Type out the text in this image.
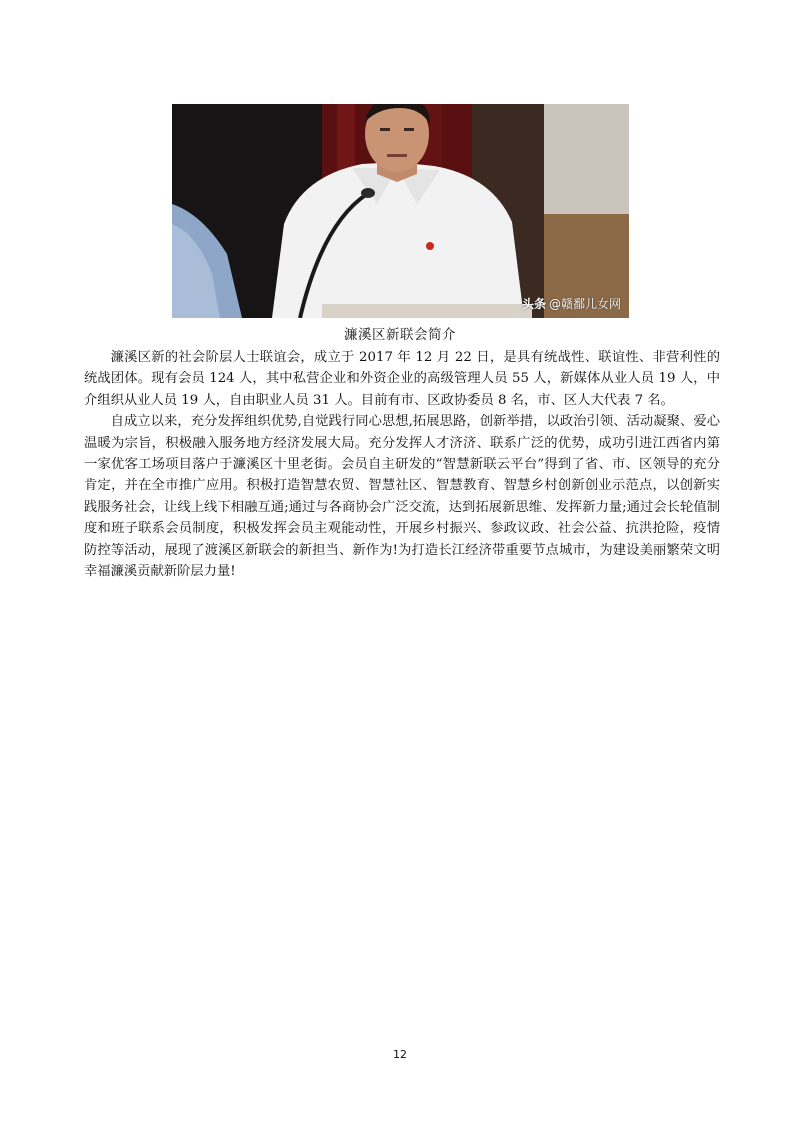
头条 @赣鄱儿女网
濂溪区新联会简介

濂溪区新的社会阶层人士联谊会，成立于 2017 年 12 月 22 日，是具有统战性、联谊性、非营利性的统战团体。现有会员 124 人，其中私营企业和外资企业的高级管理人员 55 人，新媒体从业人员 19 人，中介组织从业人员 19 人，自由职业人员 31 人。目前有市、区政协委员 8 名，市、区人大代表 7 名。

自成立以来，充分发挥组织优势,自觉践行同心思想,拓展思路，创新举措，以政治引领、活动凝聚、爱心温暖为宗旨，积极融入服务地方经济发展大局。充分发挥人才济济、联系广泛的优势，成功引进江西省内第一家优客工场项目落户于濂溪区十里老街。会员自主研发的“智慧新联云平台”得到了省、市、区领导的充分肯定，并在全市推广应用。积极打造智慧农贸、智慧社区、智慧教育、智慧乡村创新创业示范点，以创新实践服务社会，让线上线下相融互通;通过与各商协会广泛交流，达到拓展新思维、发挥新力量;通过会长轮值制度和班子联系会员制度，积极发挥会员主观能动性，开展乡村振兴、参政议政、社会公益、抗洪抢险，疫情防控等活动，展现了渡溪区新联会的新担当、新作为!为打造长江经济带重要节点城市，为建设美丽繁荣文明幸福濂溪贡献新阶层力量!

12
